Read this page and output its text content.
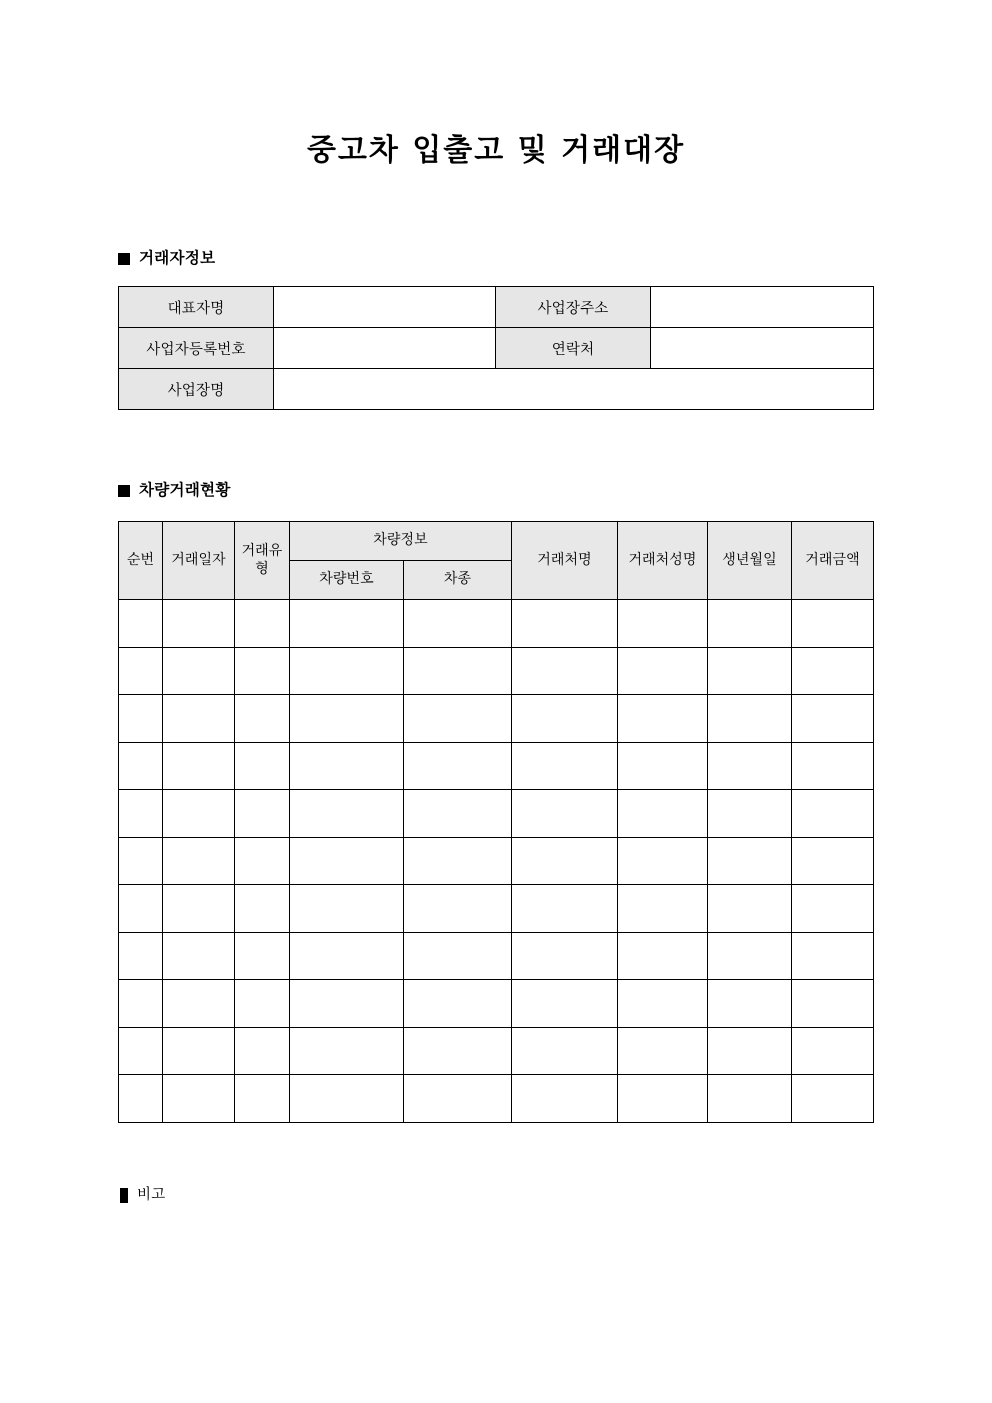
중고차 입출고 및 거래대장
거래자정보
대표자명		사업장주소	
사업자등록번호		연락처	
사업장명			
차량거래현황
순번	거래일자	거래유형	차량정보		거래처명	거래처성명	생년월일	거래금액
			차량번호	차종				

비고
